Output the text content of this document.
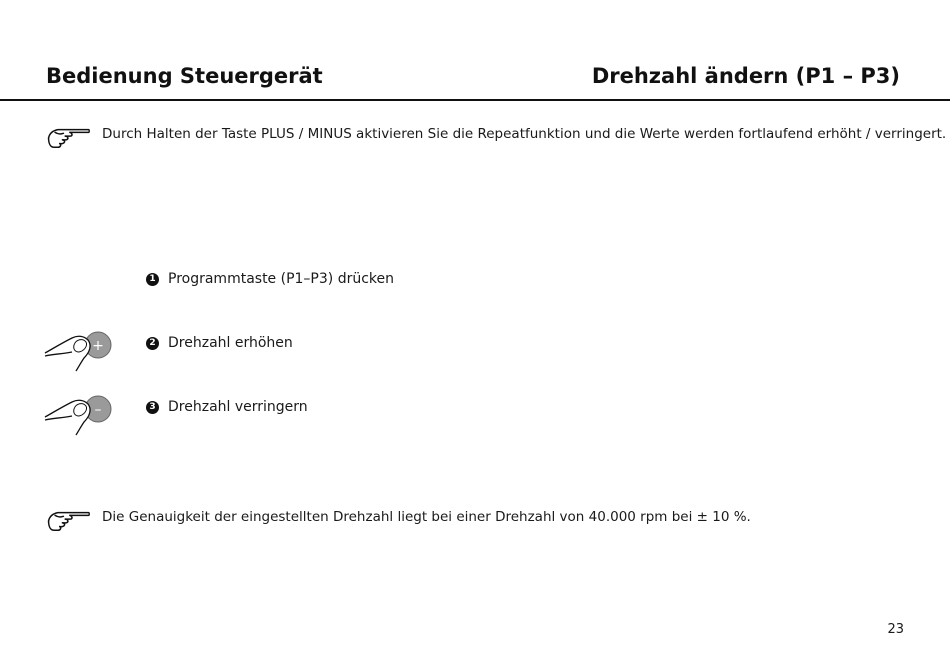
Bedienung Steuergerät	Drehzahl ändern (P1 – P3)
Durch Halten der Taste PLUS / MINUS aktivieren Sie die Repeatfunktion und die Werte werden fortlaufend erhöht / verringert.
1 Programmtaste (P1–P3) drücken
+	2 Drehzahl erhöhen
–	3 Drehzahl verringern
Die Genauigkeit der eingestellten Drehzahl liegt bei einer Drehzahl von 40.000 rpm bei ± 10 %.
23
